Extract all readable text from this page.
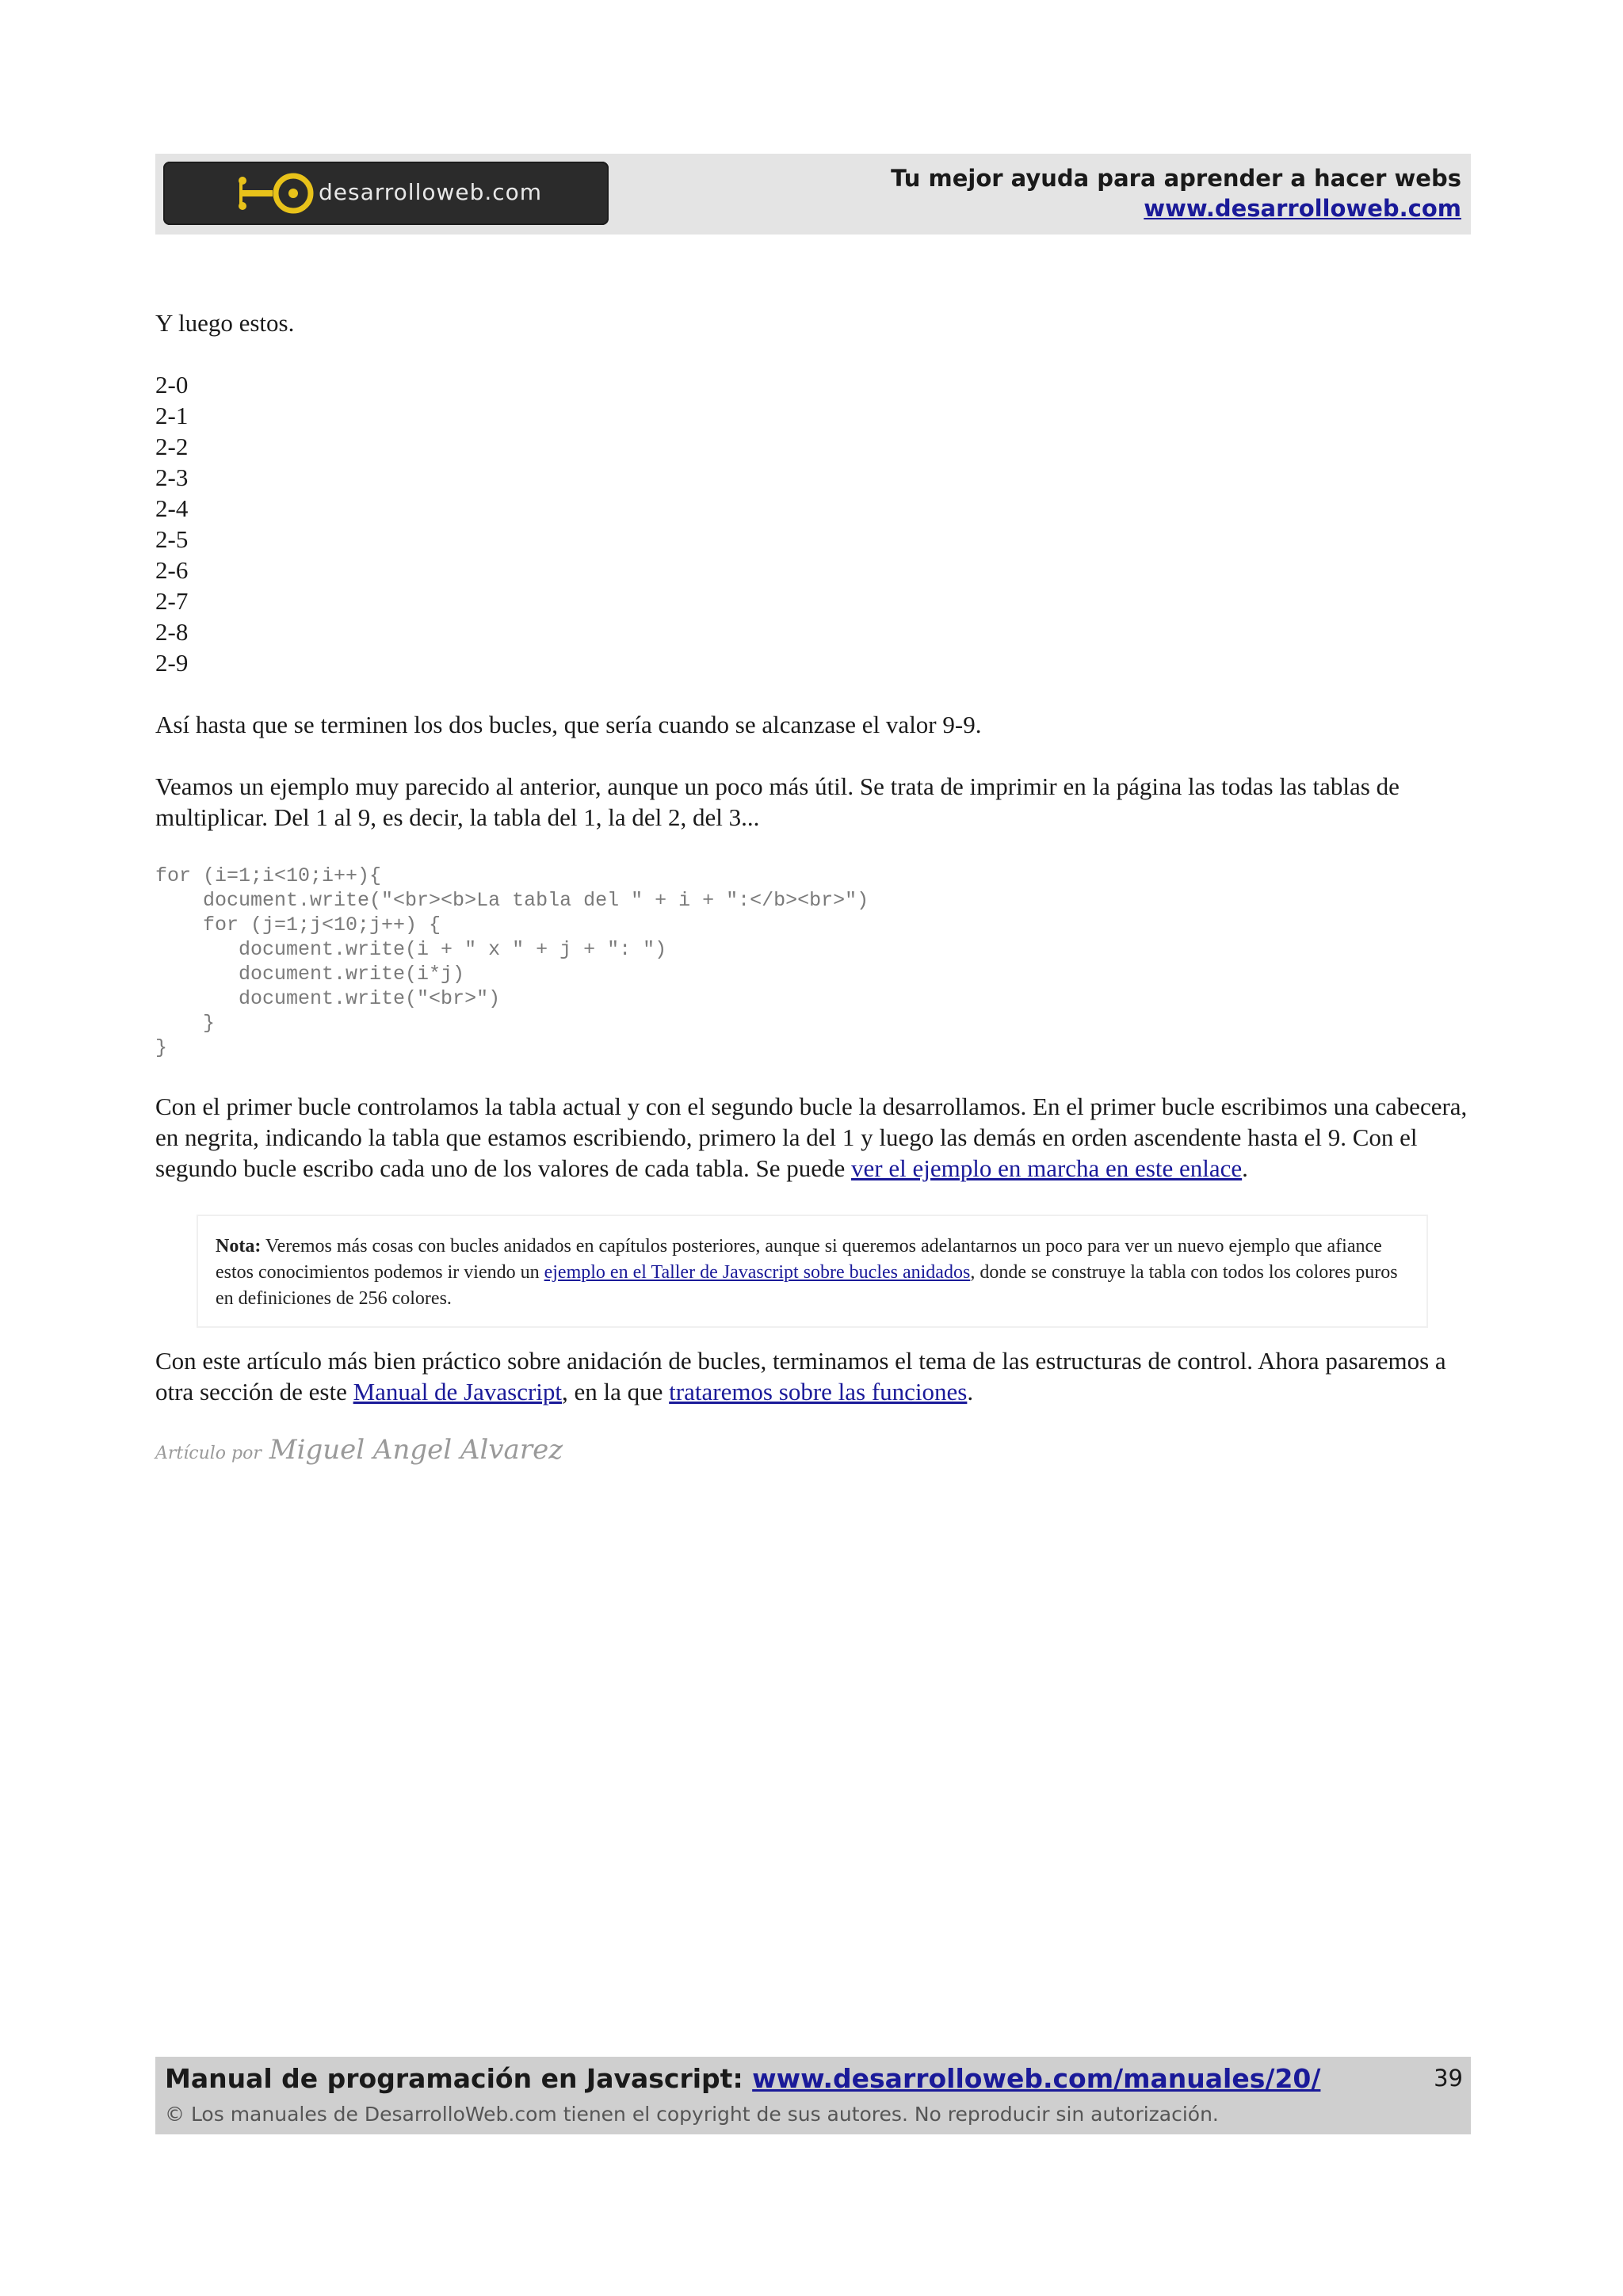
desarrolloweb.com
Tu mejor ayuda para aprender a hacer webs
www.desarrolloweb.com

Y luego estos.

2-0
2-1
2-2
2-3
2-4
2-5
2-6
2-7
2-8
2-9

Así hasta que se terminen los dos bucles, que sería cuando se alcanzase el valor 9-9.

Veamos un ejemplo muy parecido al anterior, aunque un poco más útil. Se trata de imprimir en la página las todas las tablas de multiplicar. Del 1 al 9, es decir, la tabla del 1, la del 2, del 3...

for (i=1;i<10;i++){
document.write("<br><b>La tabla del " + i + ":</b><br>")
for (j=1;j<10;j++) {
document.write(i + " x " + j + ": ")
document.write(i*j)
document.write("<br>")
}
}

Con el primer bucle controlamos la tabla actual y con el segundo bucle la desarrollamos. En el primer bucle escribimos una cabecera, en negrita, indicando la tabla que estamos escribiendo, primero la del 1 y luego las demás en orden ascendente hasta el 9. Con el segundo bucle escribo cada uno de los valores de cada tabla. Se puede ver el ejemplo en marcha en este enlace.

Nota: Veremos más cosas con bucles anidados en capítulos posteriores, aunque si queremos adelantarnos un poco para ver un nuevo ejemplo que afiance estos conocimientos podemos ir viendo un ejemplo en el Taller de Javascript sobre bucles anidados, donde se construye la tabla con todos los colores puros en definiciones de 256 colores.

Con este artículo más bien práctico sobre anidación de bucles, terminamos el tema de las estructuras de control. Ahora pasaremos a otra sección de este Manual de Javascript, en la que trataremos sobre las funciones.

Artículo por Miguel Angel Alvarez
Manual de programación en Javascript: www.desarrolloweb.com/manuales/20/
© Los manuales de DesarrolloWeb.com tienen el copyright de sus autores. No reproducir sin autorización.
39
